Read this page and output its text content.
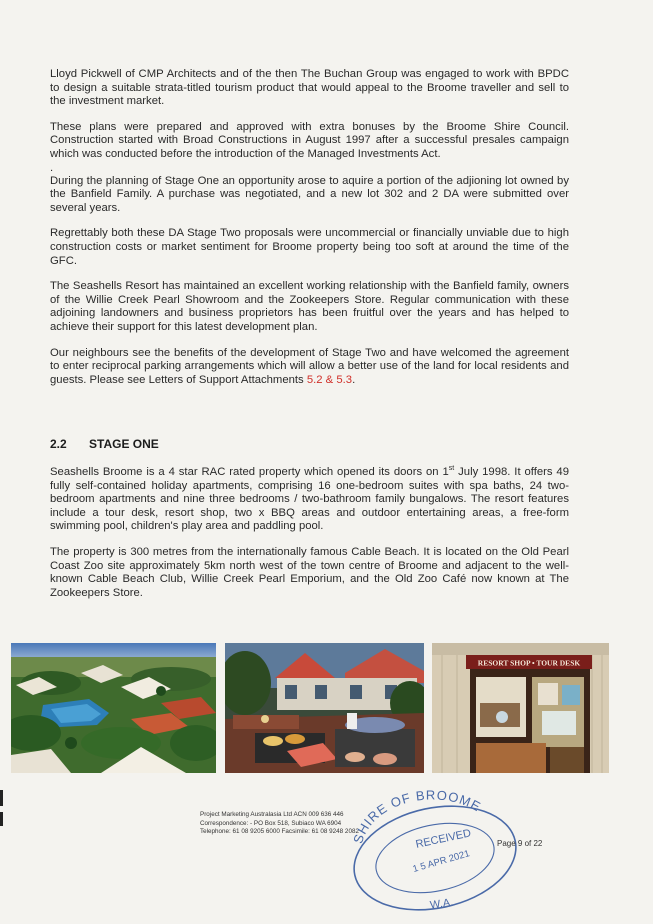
Lloyd Pickwell of CMP Architects and of the then The Buchan Group was engaged to work with BPDC to design a suitable strata-titled tourism product that would appeal to the Broome traveller and sell to the investment market.

These plans were prepared and approved with extra bonuses by the Broome Shire Council. Construction started with Broad Constructions in August 1997 after a successful presales campaign which was conducted before the introduction of the Managed Investments Act.

.

During the planning of Stage One an opportunity arose to aquire a portion of the adjioning lot owned by the Banfield Family. A purchase was negotiated, and a new lot 302 and 2 DA were submitted over several years.

Regrettably both these DA Stage Two proposals were uncommercial or financially unviable due to high construction costs or market sentiment for Broome property being too soft at around the time of the GFC.

The Seashells Resort has maintained an excellent working relationship with the Banfield family, owners of the Willie Creek Pearl Showroom and the Zookeepers Store. Regular communication with these adjoining landowners and business proprietors has been fruitful over the years and has helped to achieve their support for this latest development plan.

Our neighbours see the benefits of the development of Stage Two and have welcomed the agreement to enter reciprocal parking arrangements which will allow a better use of the land for local residents and guests. Please see Letters of Support Attachments 5.2 & 5.3.

2.2 STAGE ONE

Seashells Broome is a 4 star RAC rated property which opened its doors on 1st July 1998. It offers 49 fully self-contained holiday apartments, comprising 16 one-bedroom suites with spa baths, 24 two-bedroom apartments and nine three bedrooms / two-bathroom family bungalows. The resort features include a tour desk, resort shop, two x BBQ areas and outdoor entertaining areas, a free-form swimming pool, children's play area and paddling pool.

The property is 300 metres from the internationally famous Cable Beach. It is located on the Old Pearl Coast Zoo site approximately 5km north west of the town centre of Broome and adjacent to the well-known Cable Beach Club, Willie Creek Pearl Emporium, and the Old Zoo Café now known at The Zookeepers Store.

RESORT SHOP • TOUR DESK
Project Marketing Australasia Ltd ACN 009 636 446
Correspondence: - PO Box 518, Subiaco WA 6904
Telephone: 61 08 9205 6000 Facsimile: 61 08 9248 2082
SHIRE OF BROOME
RECEIVED
1 5 APR 2021
W.A.
Page 9 of 22
